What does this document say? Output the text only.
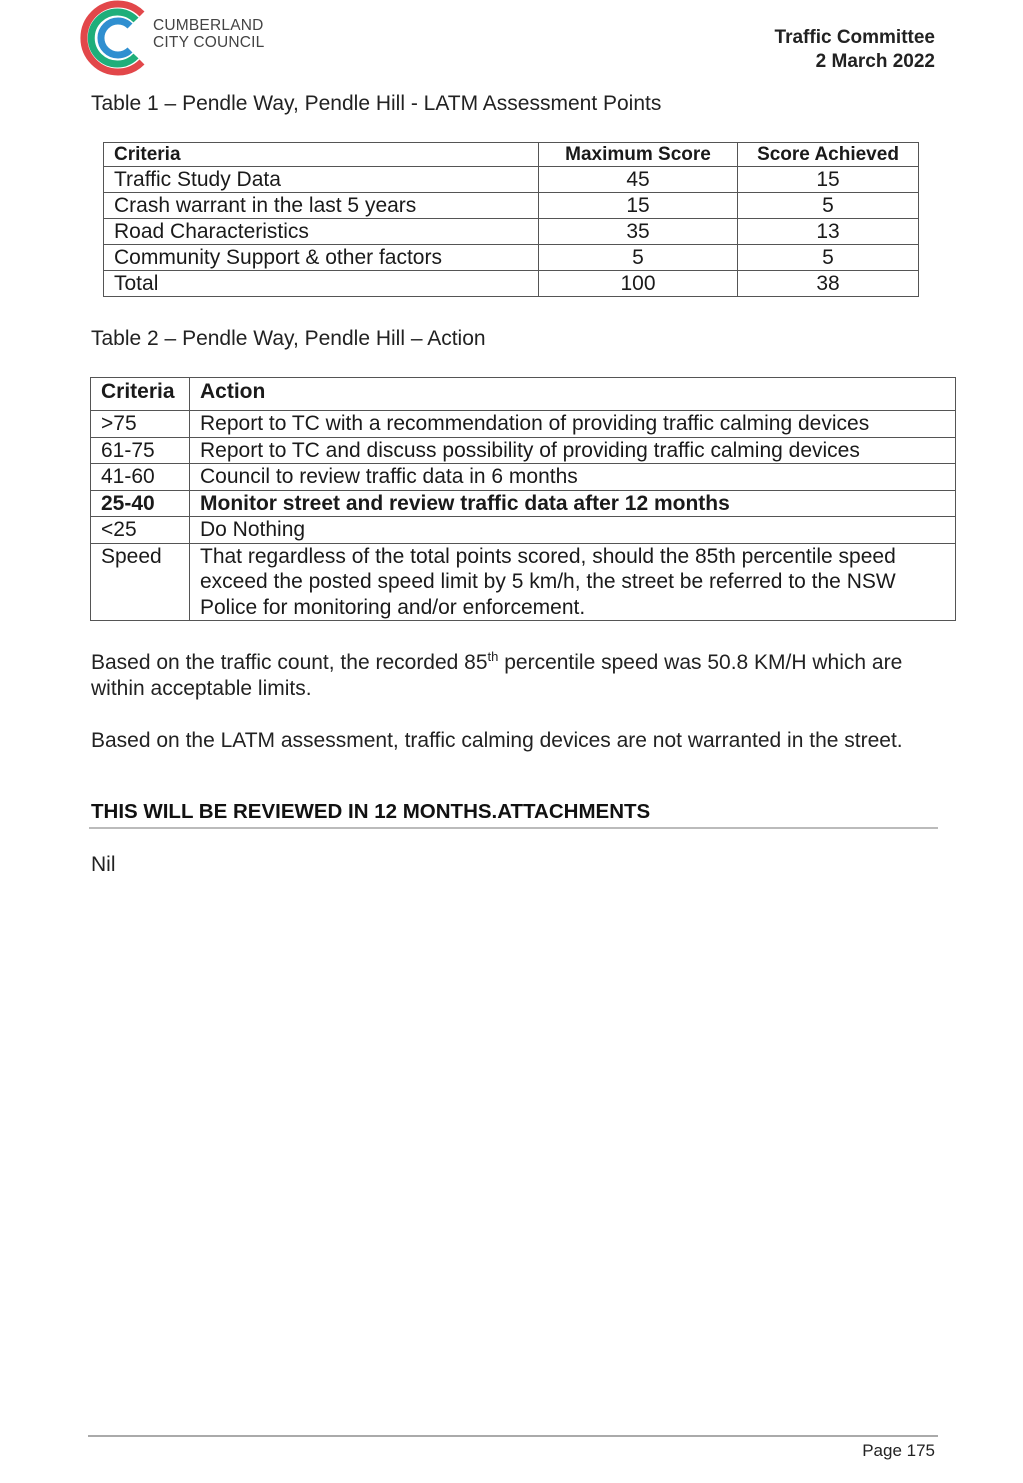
CUMBERLAND
CITY COUNCIL	Traffic Committee
2 March 2022
Table 1 – Pendle Way, Pendle Hill - LATM Assessment Points
Criteria	Maximum Score	Score Achieved
Traffic Study Data	45	15
Crash warrant in the last 5 years	15	5
Road Characteristics	35	13
Community Support & other factors	5	5
Total	100	38
Table 2 – Pendle Way, Pendle Hill – Action
Criteria	Action
>75	Report to TC with a recommendation of providing traffic calming devices
61-75	Report to TC and discuss possibility of providing traffic calming devices
41-60	Council to review traffic data in 6 months
25-40	Monitor street and review traffic data after 12 months
<25	Do Nothing
Speed	That regardless of the total points scored, should the 85th percentile speed exceed the posted speed limit by 5 km/h, the street be referred to the NSW Police for monitoring and/or enforcement.
Based on the traffic count, the recorded 85th percentile speed was 50.8 KM/H which are within acceptable limits.
Based on the LATM assessment, traffic calming devices are not warranted in the street.
THIS WILL BE REVIEWED IN 12 MONTHS.ATTACHMENTS
Nil
Page 175
